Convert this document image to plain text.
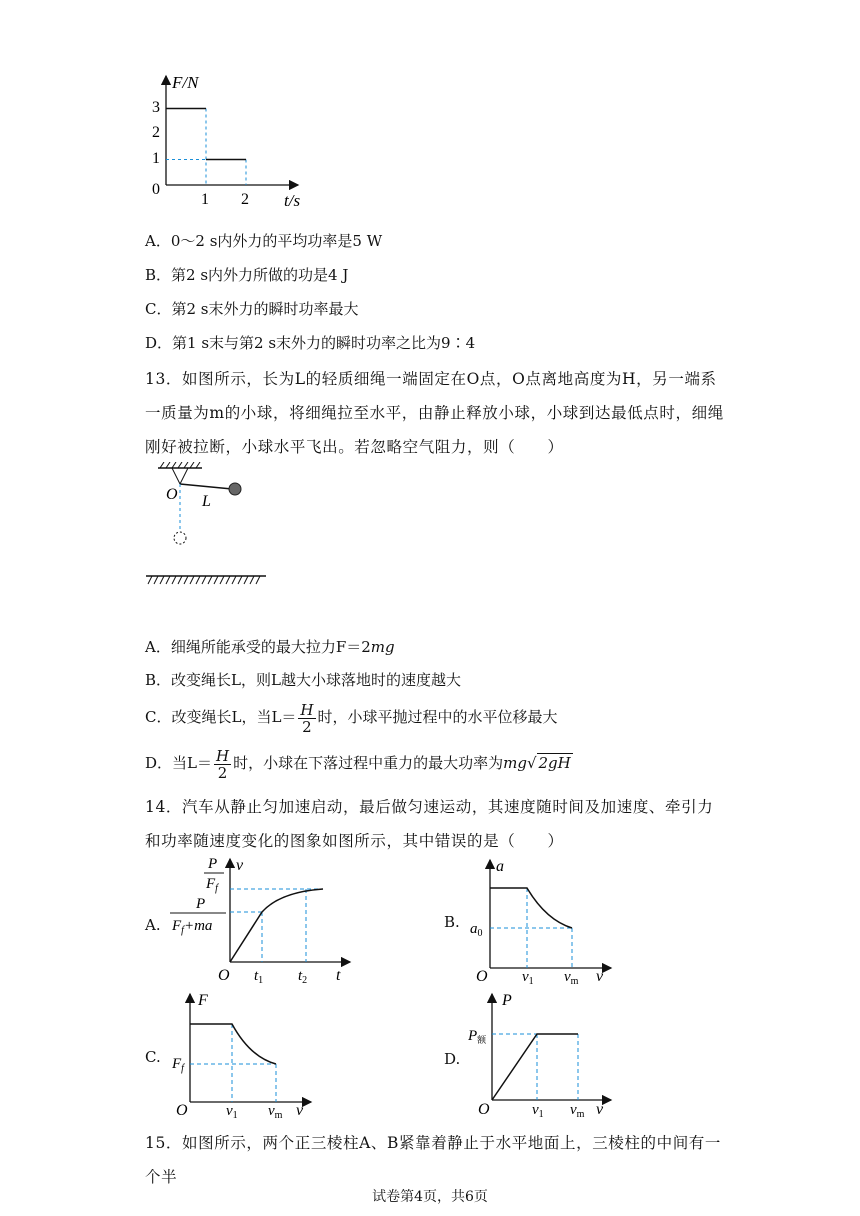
F/N
t/s
3
2
1
0
1 2
A．0～2 s内外力的平均功率是5 W
B．第2 s内外力所做的功是4 J
C．第2 s末外力的瞬时功率最大
D．第1 s末与第2 s末外力的瞬时功率之比为9∶4
13．如图所示，长为L的轻质细绳一端固定在O点，O点离地高度为H，另一端系一质量为m的小球，将细绳拉至水平，由静止释放小球，小球到达最低点时，细绳刚好被拉断，小球水平飞出。若忽略空气阻力，则（　　）
O L
A．细绳所能承受的最大拉力F＝2mg
B．改变绳长L，则L越大小球落地时的速度越大
C．改变绳长L，当$L= \frac{H}{2}$ 时，小球平抛过程中的水平位移最大
D．当$L= \frac{H}{2}$ 时，小球在下落过程中重力的最大功率为mg√ 2gH
14．汽车从静止匀加速启动，最后做匀速运动，其速度随时间及加速度、牵引力和功率随速度变化的图象如图所示，其中错误的是（　　）
A.
v
t
O $t_1$ $t_2$
P
$F_f$
P
$F_f+ma$	B.
a
v
O
$a_0$
$v_1$ $v_m$
C.
F
v
O
$F_f$
$v_1$ $v_m$
D.
P
v
O
$P_额$
$v_1$ $v_m$
15．如图所示，两个正三棱柱A、B紧靠着静止于水平地面上，三棱柱的中间有一个半
试卷第4页，共6页
